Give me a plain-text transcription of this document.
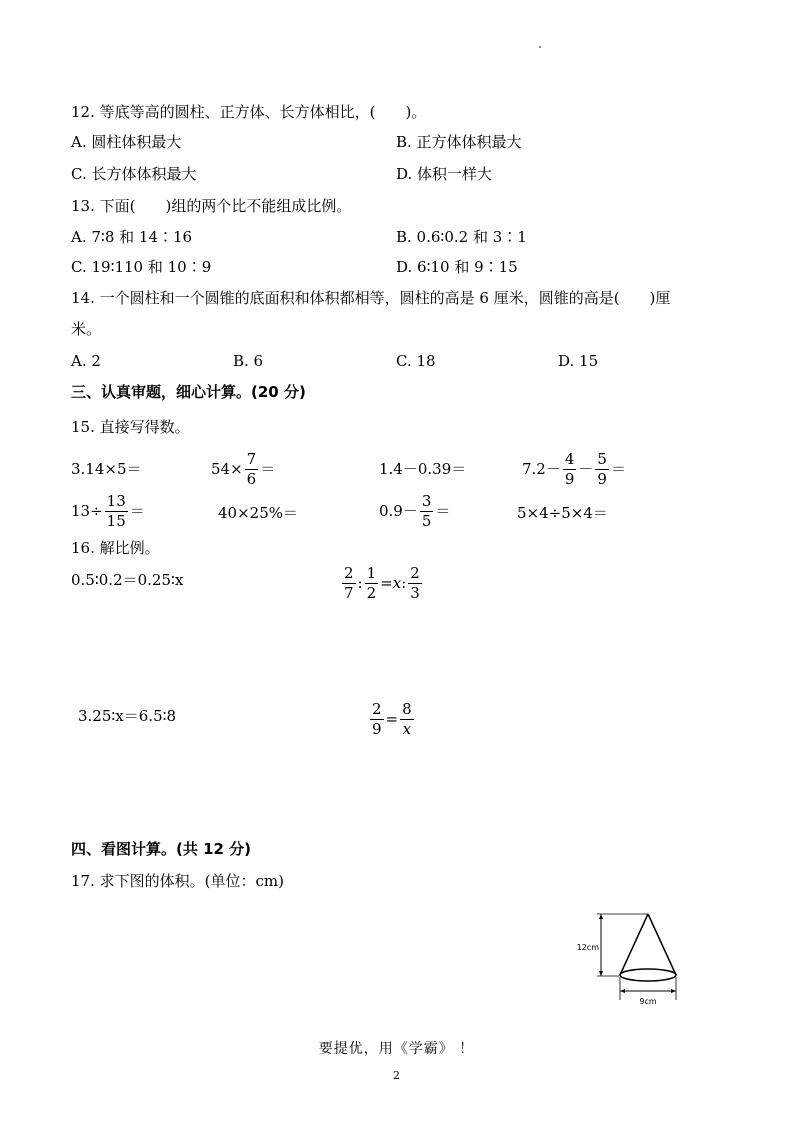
12. 等底等高的圆柱、正方体、长方体相比，(　　)。
A. 圆柱体积最大	B. 正方体体积最大
C. 长方体体积最大	D. 体积一样大
13. 下面(　　)组的两个比不能组成比例。
A. 7∶8 和 14∶16	B. 0.6∶0.2 和 3∶1
C. 19∶110 和 10∶9	D. 6∶10 和 9∶15
14. 一个圆柱和一个圆锥的底面积和体积都相等，圆柱的高是 6 厘米，圆锥的高是(　　)厘
米。
A. 2	B. 6	C. 18	D. 15
三、认真审题，细心计算。(20 分)
15. 直接写得数。
3.14×5＝	$54\times \frac{7}{6}$ ＝	1.4－0.39＝	$7.2- \frac{4}{9} - \frac{5}{9}$ ＝
$13\div \frac{13}{15}$ ＝	40×25%＝	$0.9- \frac{3}{5}$ ＝	5×4÷5×4＝
16. 解比例。
0.5∶0.2＝0.25∶x	$\frac{2}{7}$ : $\frac{1}{2} = x$ : $\frac{2}{3}$
3.25∶x＝6.5∶8	$\frac{2}{9} = \frac{8}{x}$
四、看图计算。(共 12 分)
17. 求下图的体积。(单位：cm)
12cm
9cm
要提优，用《学霸》 ！
2
